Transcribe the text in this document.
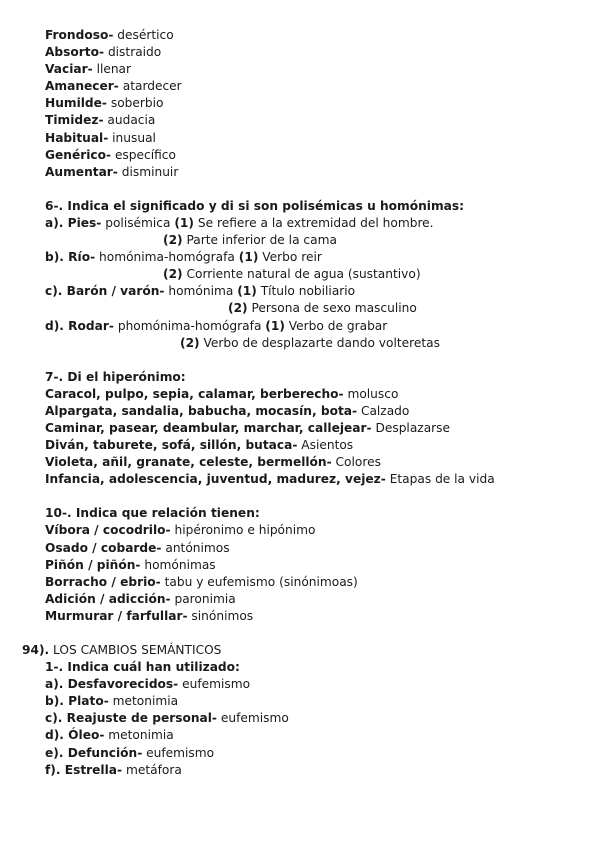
Frondoso- desértico
Absorto- distraido
Vaciar- llenar
Amanecer- atardecer
Humilde- soberbio
Timidez- audacia
Habitual- inusual
Genérico- específico
Aumentar- disminuir
6-. Indica el significado y di si son polisémicas u homónimas:
a). Pies- polisémica (1) Se refiere a la extremidad del hombre.
(2) Parte inferior de la cama
b). Río- homónima-homógrafa (1) Verbo reir
(2) Corriente natural de agua (sustantivo)
c). Barón / varón- homónima (1) Título nobiliario
(2) Persona de sexo masculino
d). Rodar- phomónima-homógrafa (1) Verbo de grabar
(2) Verbo de desplazarte dando volteretas
7-. Di el hiperónimo:
Caracol, pulpo, sepia, calamar, berberecho- molusco
Alpargata, sandalia, babucha, mocasín, bota- Calzado
Caminar, pasear, deambular, marchar, callejear- Desplazarse
Diván, taburete, sofá, sillón, butaca- Asientos
Violeta, añil, granate, celeste, bermellón- Colores
Infancia, adolescencia, juventud, madurez, vejez- Etapas de la vida
10-. Indica que relación tienen:
Víbora / cocodrilo- hipéronimo e hipónimo
Osado / cobarde- antónimos
Piñón / piñón- homónimas
Borracho / ebrio- tabu y eufemismo (sinónimoas)
Adición / adicción- paronimia
Murmurar / farfullar- sinónimos
94). LOS CAMBIOS SEMÁNTICOS
1-. Indica cuál han utilizado:
a). Desfavorecidos- eufemismo
b). Plato- metonimia
c). Reajuste de personal- eufemismo
d). Óleo- metonimia
e). Defunción- eufemismo
f). Estrella- metáfora
